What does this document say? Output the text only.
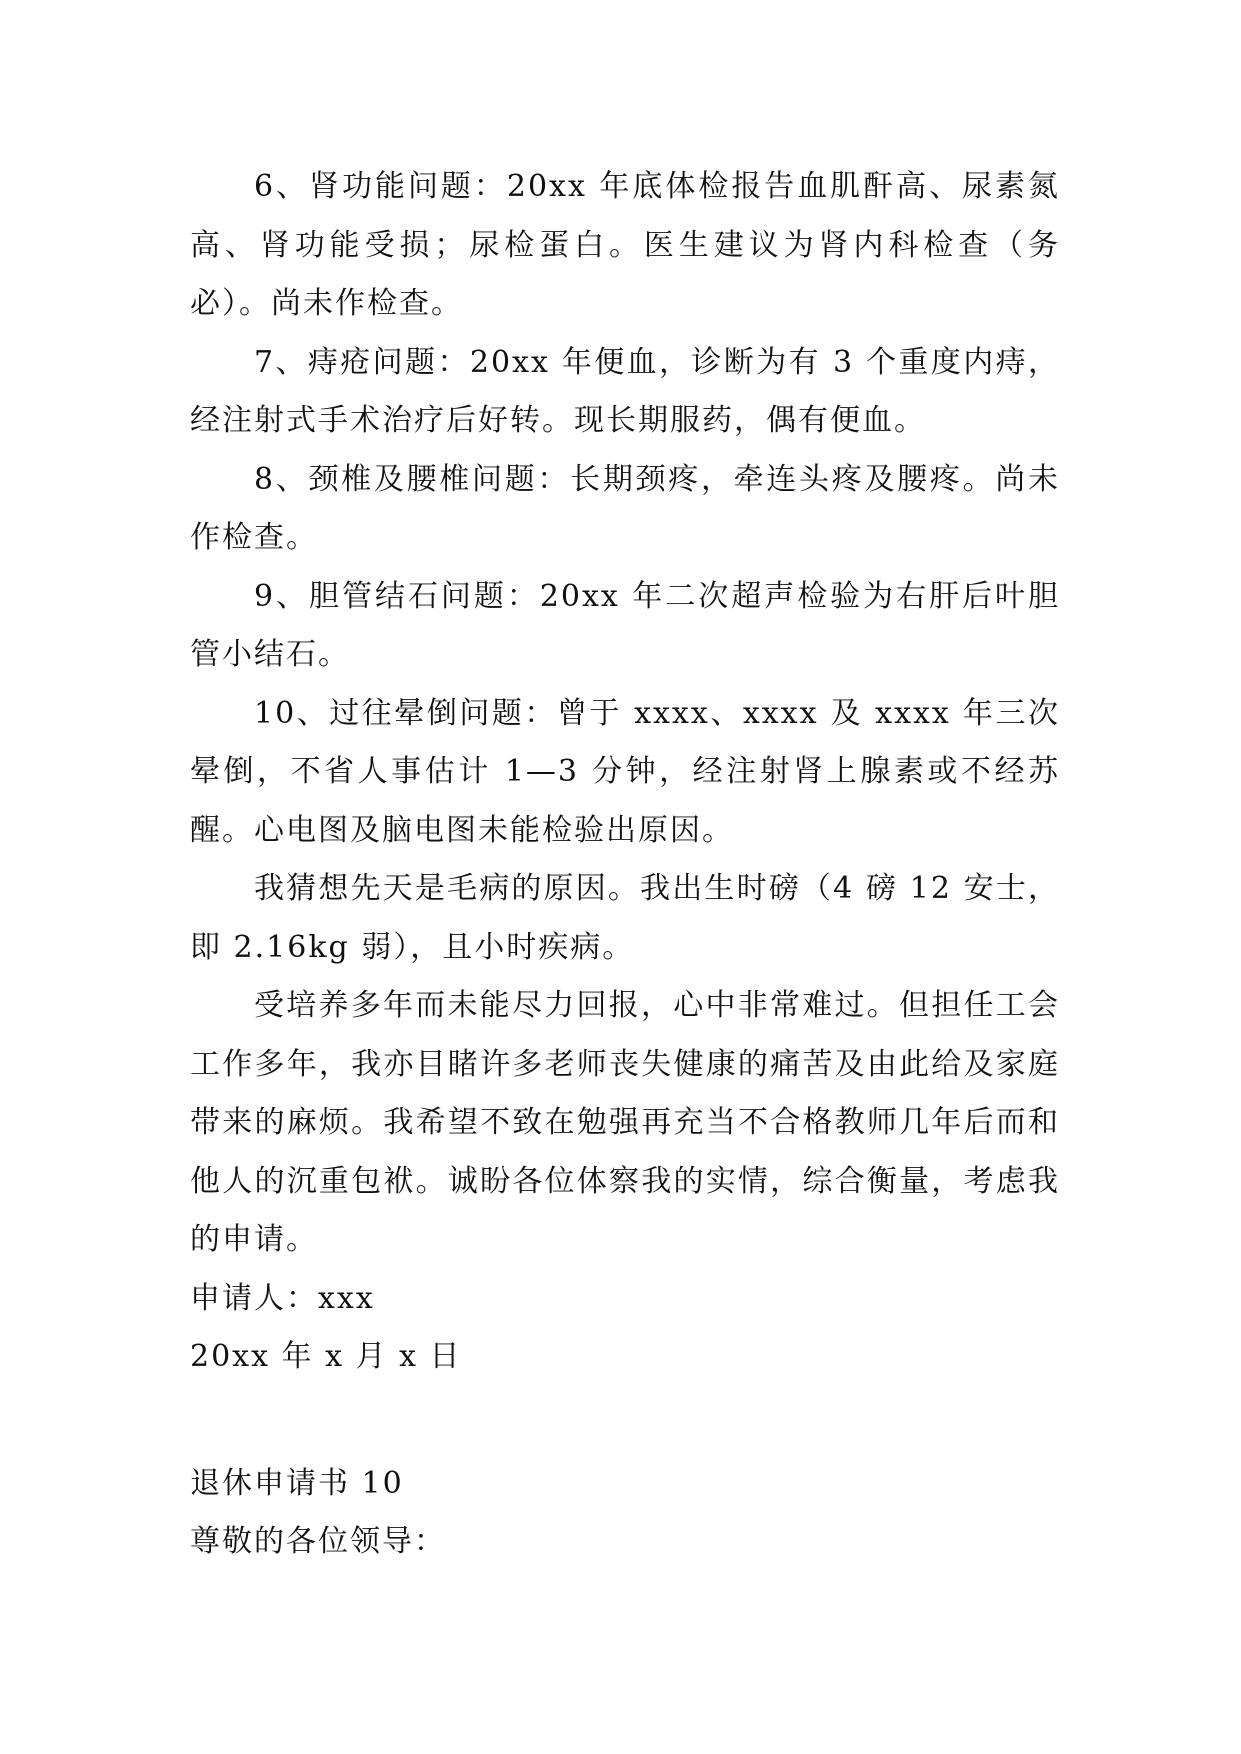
6、肾功能问题：20xx 年底体检报告血肌酐高、尿素氮高、肾功能受损；尿检蛋白。医生建议为肾内科检查（务必）。尚未作检查。

7、痔疮问题：20xx 年便血，诊断为有 3 个重度内痔，经注射式手术治疗后好转。现长期服药，偶有便血。

8、颈椎及腰椎问题：长期颈疼，牵连头疼及腰疼。尚未作检查。

9、胆管结石问题：20xx 年二次超声检验为右肝后叶胆管小结石。

10、过往晕倒问题：曾于 xxxx、xxxx 及 xxxx 年三次晕倒，不省人事估计 1—3 分钟，经注射肾上腺素或不经苏醒。心电图及脑电图未能检验出原因。

我猜想先天是毛病的原因。我出生时磅（4 磅 12 安士，即 2.16kg 弱），且小时疾病。

受培养多年而未能尽力回报，心中非常难过。但担任工会工作多年，我亦目睹许多老师丧失健康的痛苦及由此给及家庭带来的麻烦。我希望不致在勉强再充当不合格教师几年后而和他人的沉重包袱。诚盼各位体察我的实情，综合衡量，考虑我的申请。

申请人：xxx

20xx 年 x 月 x 日

退休申请书 10

尊敬的各位领导：
